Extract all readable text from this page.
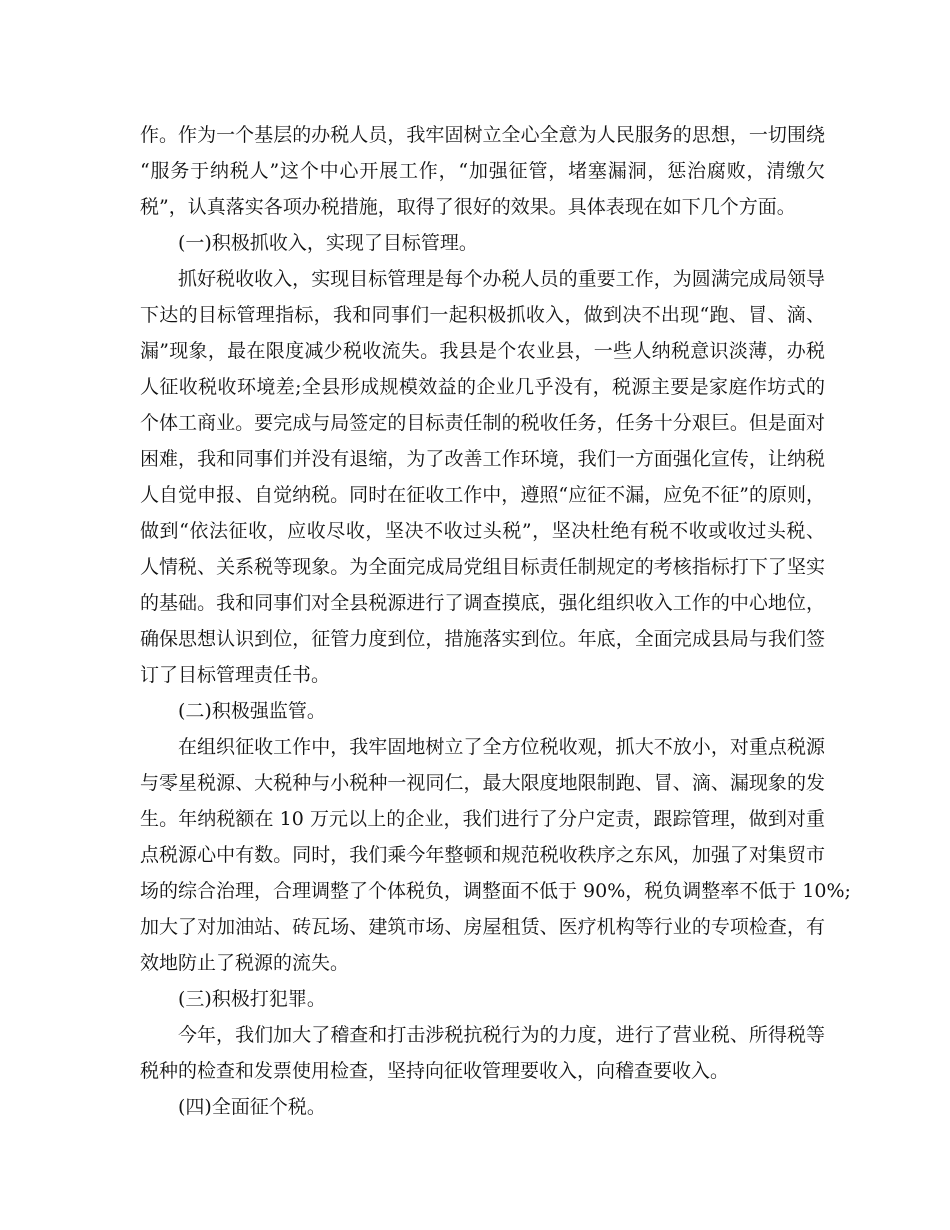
作。作为一个基层的办税人员，我牢固树立全心全意为人民服务的思想，一切围绕
“服务于纳税人”这个中心开展工作，“加强征管，堵塞漏洞，惩治腐败，清缴欠
税”，认真落实各项办税措施，取得了很好的效果。具体表现在如下几个方面。
(一)积极抓收入，实现了目标管理。
抓好税收收入，实现目标管理是每个办税人员的重要工作，为圆满完成局领导
下达的目标管理指标，我和同事们一起积极抓收入，做到决不出现“跑、冒、滴、
漏”现象，最在限度减少税收流失。我县是个农业县，一些人纳税意识淡薄，办税
人征收税收环境差;全县形成规模效益的企业几乎没有，税源主要是家庭作坊式的
个体工商业。要完成与局签定的目标责任制的税收任务，任务十分艰巨。但是面对
困难，我和同事们并没有退缩，为了改善工作环境，我们一方面强化宣传，让纳税
人自觉申报、自觉纳税。同时在征收工作中，遵照“应征不漏，应免不征”的原则，
做到“依法征收，应收尽收，坚决不收过头税”，坚决杜绝有税不收或收过头税、
人情税、关系税等现象。为全面完成局党组目标责任制规定的考核指标打下了坚实
的基础。我和同事们对全县税源进行了调查摸底，强化组织收入工作的中心地位，
确保思想认识到位，征管力度到位，措施落实到位。年底，全面完成县局与我们签
订了目标管理责任书。
(二)积极强监管。
在组织征收工作中，我牢固地树立了全方位税收观，抓大不放小，对重点税源
与零星税源、大税种与小税种一视同仁，最大限度地限制跑、冒、滴、漏现象的发
生。年纳税额在 10 万元以上的企业，我们进行了分户定责，跟踪管理，做到对重
点税源心中有数。同时，我们乘今年整顿和规范税收秩序之东风，加强了对集贸市
场的综合治理，合理调整了个体税负，调整面不低于 90%，税负调整率不低于 10%;
加大了对加油站、砖瓦场、建筑市场、房屋租赁、医疗机构等行业的专项检查，有
效地防止了税源的流失。
(三)积极打犯罪。
今年，我们加大了稽查和打击涉税抗税行为的力度，进行了营业税、所得税等
税种的检查和发票使用检查，坚持向征收管理要收入，向稽查要收入。
(四)全面征个税。
